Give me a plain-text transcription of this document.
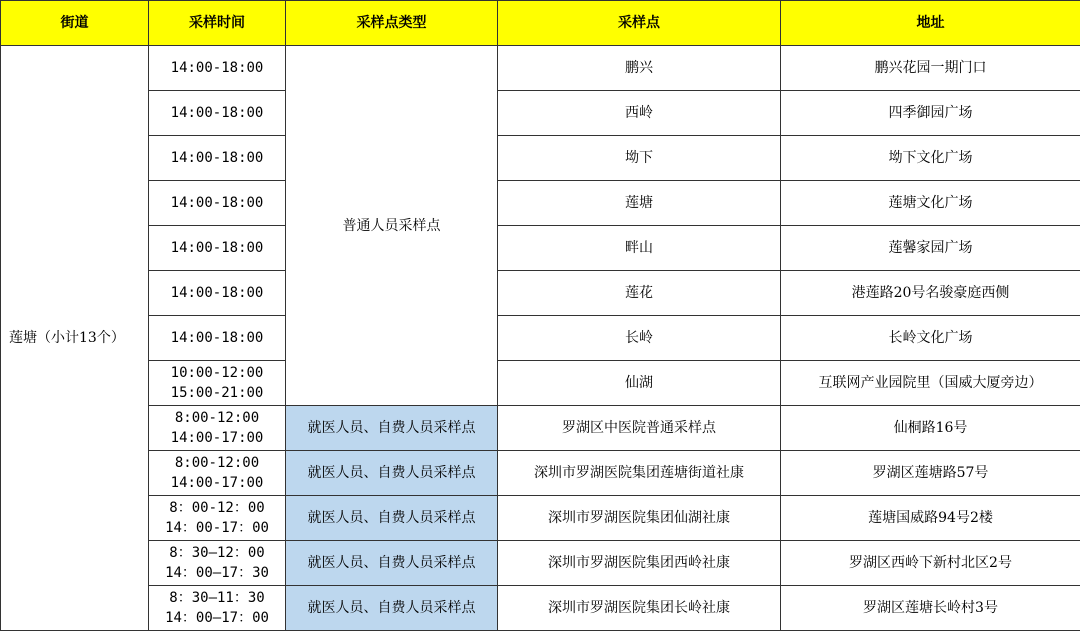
街道	采样时间	采样点类型	采样点	地址
莲塘（小计13个）	14:00-18:00	普通人员采样点	鹏兴	鹏兴花园一期门口

	14:00-18:00		西岭	四季御园广场

	14:00-18:00		坳下	坳下文化广场

	14:00-18:00		莲塘	莲塘文化广场

	14:00-18:00		畔山	莲馨家园广场

	14:00-18:00		莲花	港莲路20号名骏豪庭西侧

	14:00-18:00		长岭	长岭文化广场

	10:00-12:00
15:00-21:00		仙湖	互联网产业园院里（国威大厦旁边）

	8:00-12:00
14:00-17:00	就医人员、自费人员采样点	罗湖区中医院普通采样点	仙桐路16号

	8:00-12:00
14:00-17:00	就医人员、自费人员采样点	深圳市罗湖医院集团莲塘街道社康	罗湖区莲塘路57号

	8：00-12：00
14：00-17：00	就医人员、自费人员采样点	深圳市罗湖医院集团仙湖社康	莲塘国威路94号2楼

	8：30—12：00
14：00—17：30	就医人员、自费人员采样点	深圳市罗湖医院集团西岭社康	罗湖区西岭下新村北区2号

	8：30—11：30
14：00—17：00	就医人员、自费人员采样点	深圳市罗湖医院集团长岭社康	罗湖区莲塘长岭村3号
